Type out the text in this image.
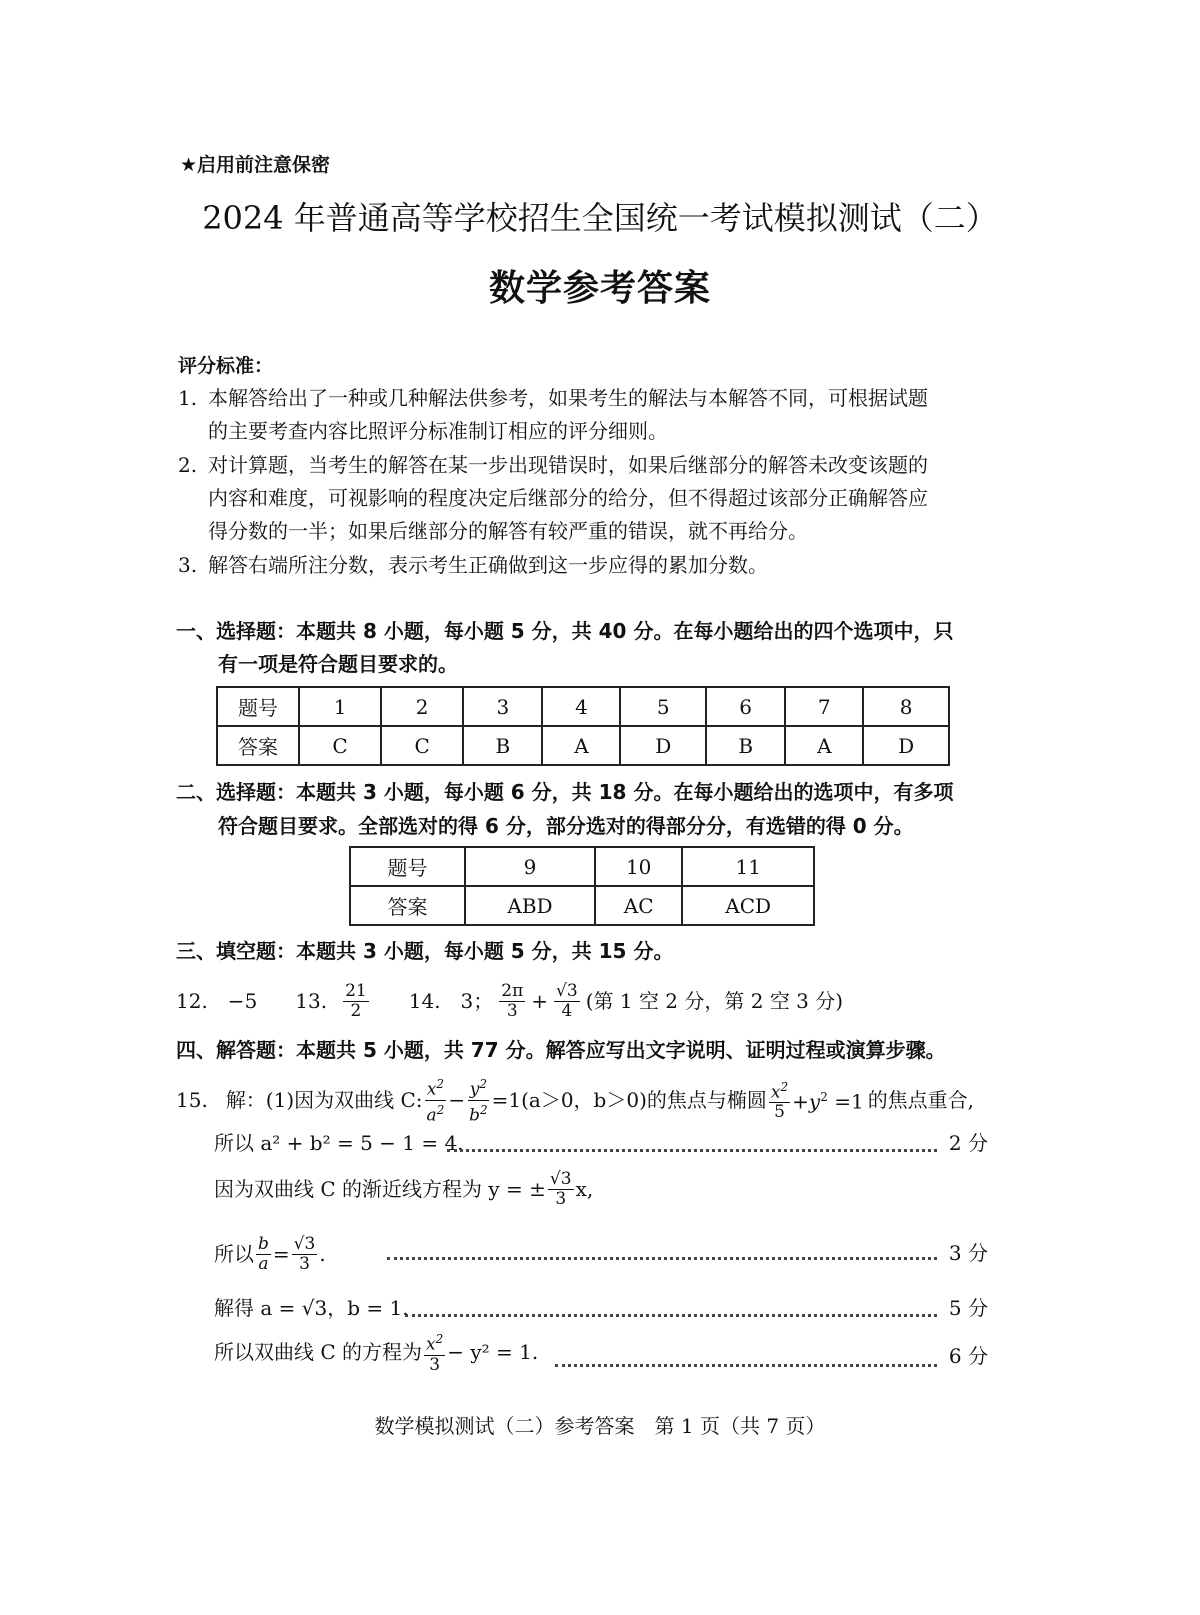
★启用前注意保密
2024 年普通高等学校招生全国统一考试模拟测试（二）
数学参考答案
评分标准：
1. 本解答给出了一种或几种解法供参考，如果考生的解法与本解答不同，可根据试题
的主要考查内容比照评分标准制订相应的评分细则。
2. 对计算题，当考生的解答在某一步出现错误时，如果后继部分的解答未改变该题的
内容和难度，可视影响的程度决定后继部分的给分，但不得超过该部分正确解答应
得分数的一半；如果后继部分的解答有较严重的错误，就不再给分。
3. 解答右端所注分数，表示考生正确做到这一步应得的累加分数。
一、选择题：本题共 8 小题，每小题 5 分，共 40 分。在每小题给出的四个选项中，只
有一项是符合题目要求的。
题号	1	2	3	4	5	6	7	8
答案	C	C	B	A	D	B	A	D
二、选择题：本题共 3 小题，每小题 6 分，共 18 分。在每小题给出的选项中，有多项
符合题目要求。全部选对的得 6 分，部分选对的得部分分，有选错的得 0 分。
题号	9	10	11
答案	ABD	AC	ACD
三、填空题：本题共 3 小题，每小题 5 分，共 15 分。
12.　−5 13. $\frac{21}{2} 14$.　3； $\frac{2\pi}{3} + \frac{√3}{4}$ (第 1 空 2 分，第 2 空 3 分)
四、解答题：本题共 5 小题，共 77 分。解答应写出文字说明、证明过程或演算步骤。
15. 解：(1)因为双曲线 C: $\frac{x^2}{a^2} - \frac{y^2}{b^2} =1$ (a＞0，b＞0)的焦点与椭圆 $\frac{x^2}{5} +y^2 =1$ 的焦点重合,
所以 a² + b² = 5 − 1 = 4.	2 分
因为双曲线 C 的渐近线方程为 y = ± $\frac{√3}{3} x$,
所以 $\frac{b}{a} = \frac{√3}{3}$ .	3 分
解得 a = √3，b = 1.	5 分
所以双曲线 C 的方程为 $\frac{x^2}{3} - y^2 = 1$.	6 分
数学模拟测试（二）参考答案　第 1 页（共 7 页）
